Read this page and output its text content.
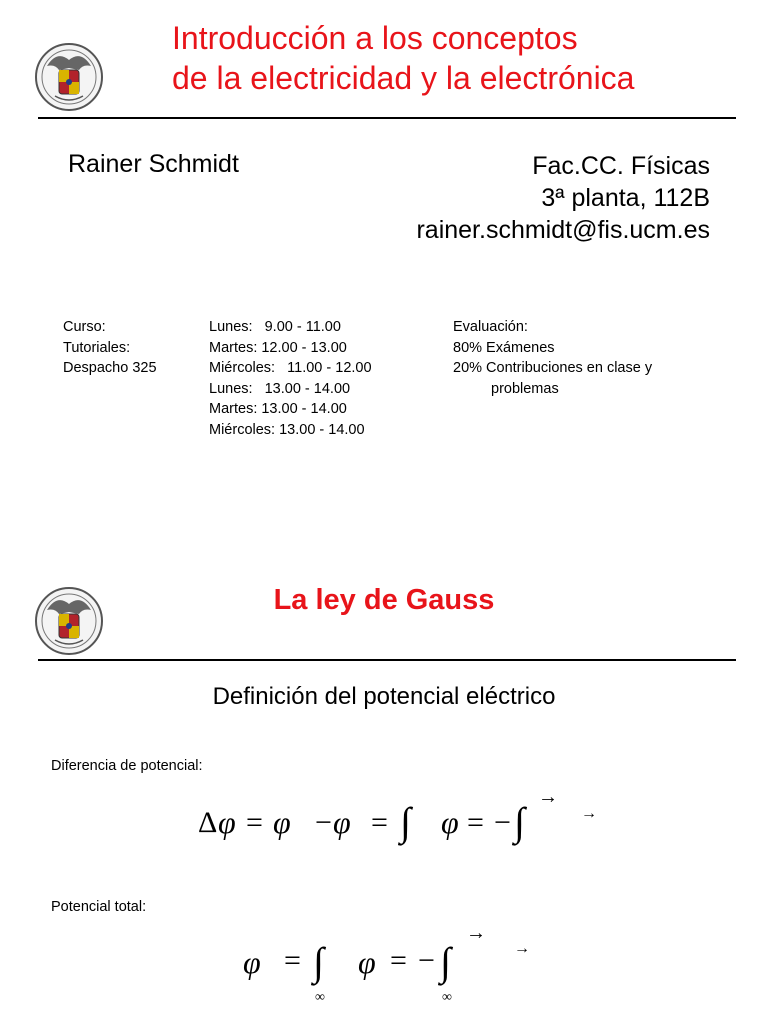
Introducción a los conceptos
de la electricidad y la electrónica
Rainer Schmidt	Fac.CC. Físicas
3ª planta, 112B
rainer.schmidt@fis.ucm.es
Curso:
Tutoriales:
Despacho 325
Lunes:   9.00 - 11.00
Martes: 12.00 - 13.00
Miércoles:   11.00 - 12.00
Lunes:   13.00 - 14.00
Martes: 13.00 - 14.00
Miércoles: 13.00 - 14.00
Evaluación:
80% Exámenes
20% Contribuciones en clase y
problemas
La ley de Gauss
Definición del potencial eléctrico
Diferencia de potencial:
Δ φ = φ − φ = ∫ φ = − ∫
→
→
Potencial total:
φ = ∫
∞
φ = − ∫
∞
→
→
